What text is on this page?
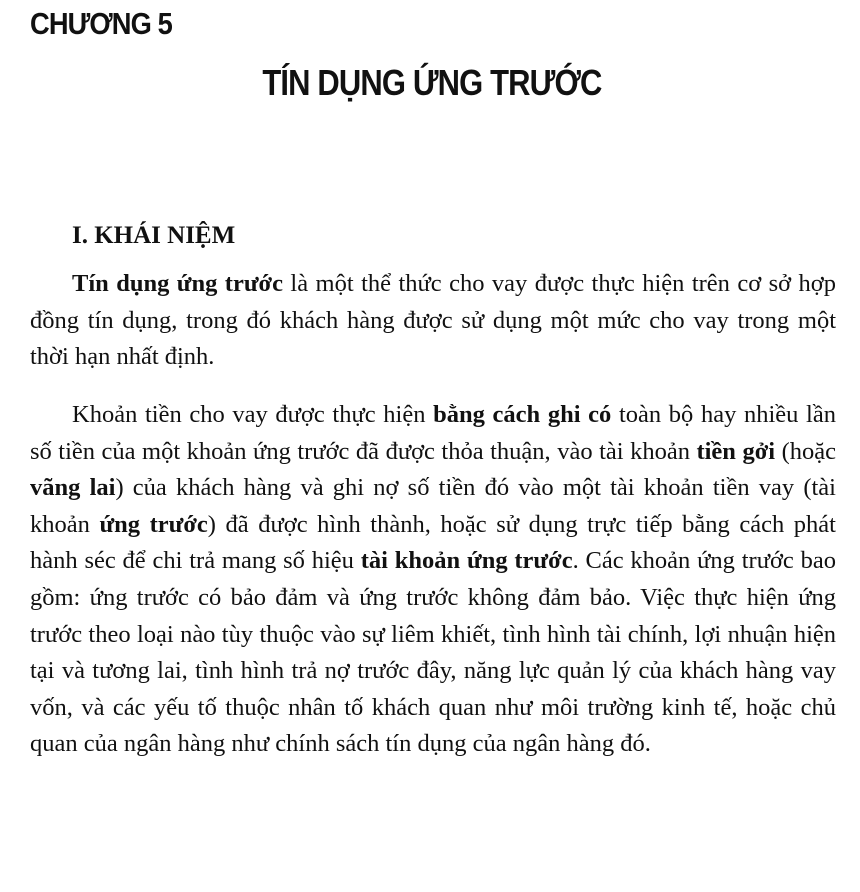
CHƯƠNG 5
TÍN DỤNG ỨNG TRƯỚC
I. KHÁI NIỆM

Tín dụng ứng trước là một thể thức cho vay được thực hiện trên cơ sở hợp đồng tín dụng, trong đó khách hàng được sử dụng một mức cho vay trong một thời hạn nhất định.

Khoản tiền cho vay được thực hiện bằng cách ghi có toàn bộ hay nhiều lần số tiền của một khoản ứng trước đã được thỏa thuận, vào tài khoản tiền gởi (hoặc vãng lai) của khách hàng và ghi nợ số tiền đó vào một tài khoản tiền vay (tài khoản ứng trước) đã được hình thành, hoặc sử dụng trực tiếp bằng cách phát hành séc để chi trả mang số hiệu tài khoản ứng trước. Các khoản ứng trước bao gồm: ứng trước có bảo đảm và ứng trước không đảm bảo. Việc thực hiện ứng trước theo loại nào tùy thuộc vào sự liêm khiết, tình hình tài chính, lợi nhuận hiện tại và tương lai, tình hình trả nợ trước đây, năng lực quản lý của khách hàng vay vốn, và các yếu tố thuộc nhân tố khách quan như môi trường kinh tế, hoặc chủ quan của ngân hàng như chính sách tín dụng của ngân hàng đó.
